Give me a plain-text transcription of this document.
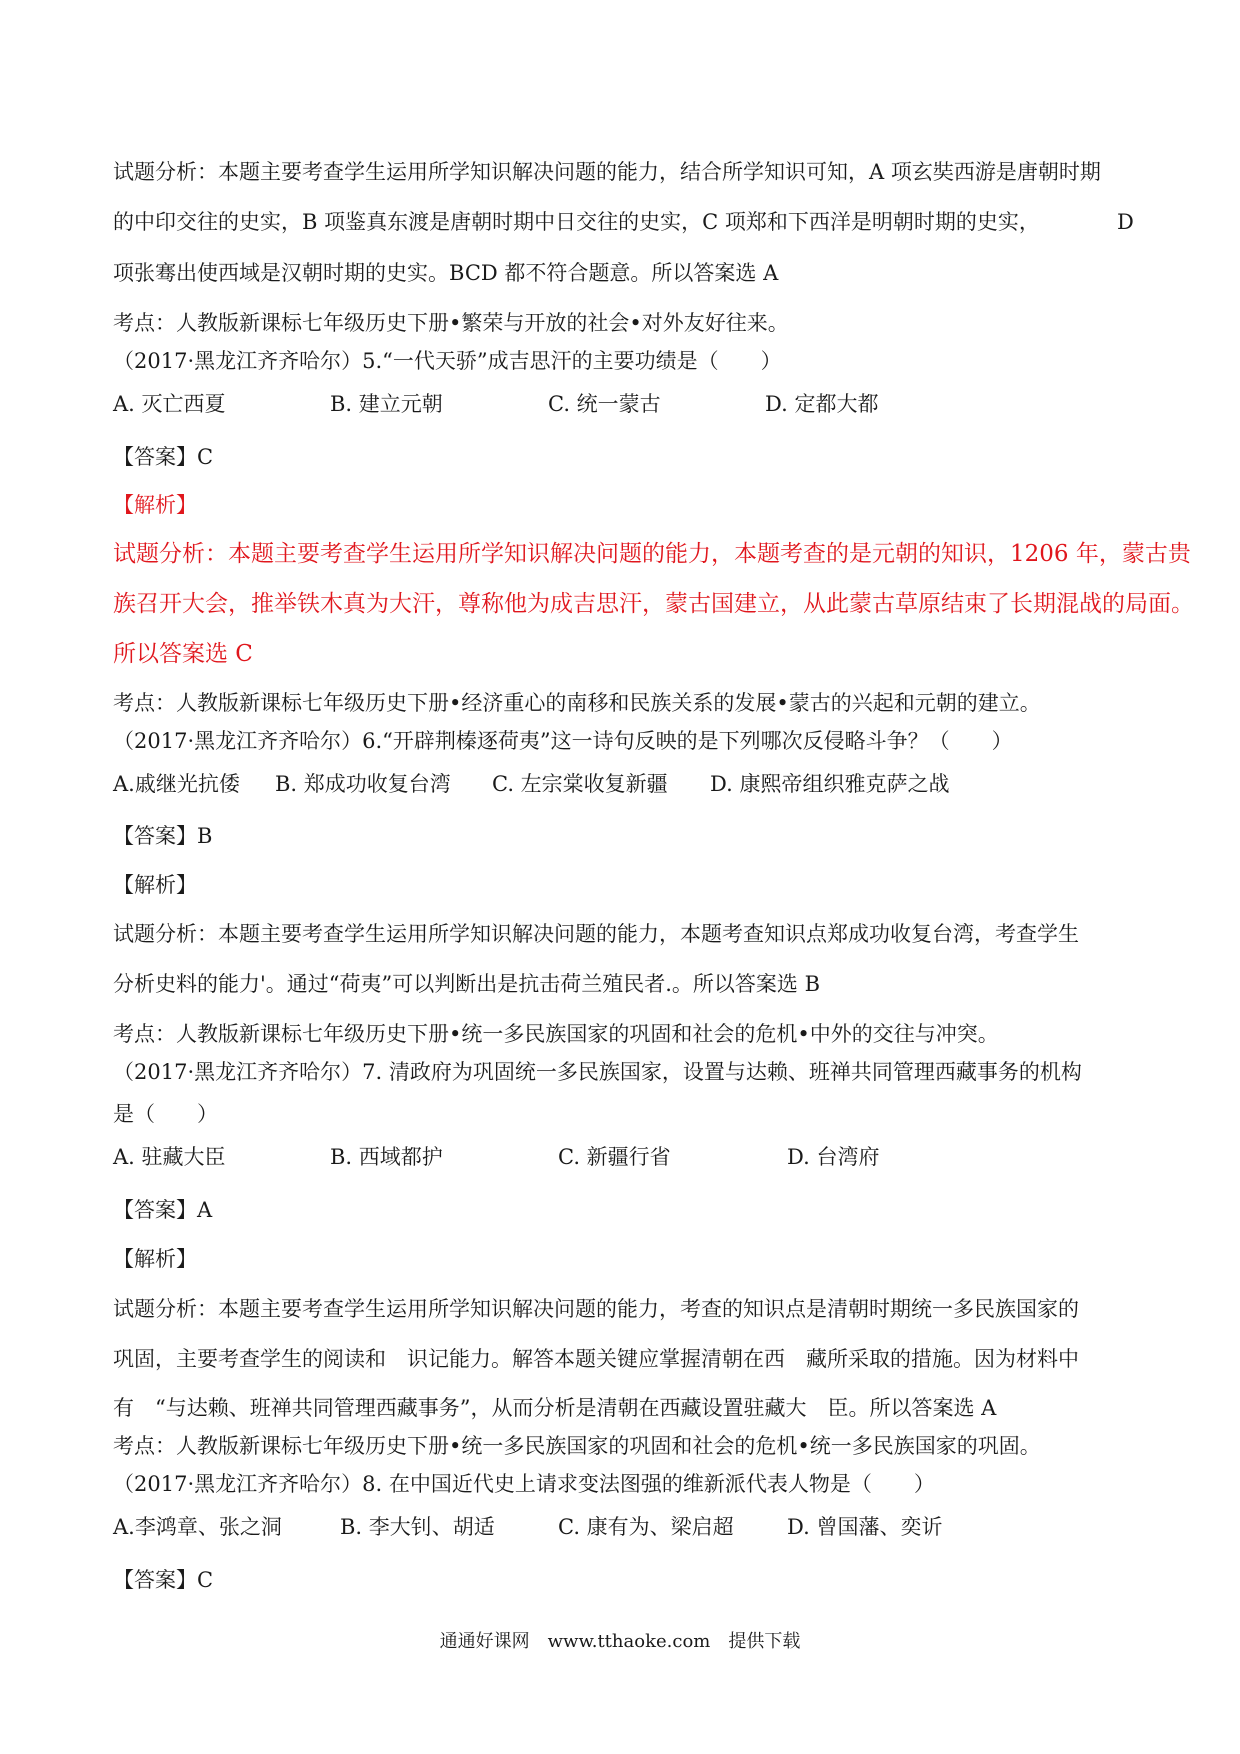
试题分析：本题主要考查学生运用所学知识解决问题的能力，结合所学知识可知，A 项玄奘西游是唐朝时期
的中印交往的史实，B 项鉴真东渡是唐朝时期中日交往的史实，C 项郑和下西洋是明朝时期的史实，	D
项张骞出使西域是汉朝时期的史实。BCD 都不符合题意。所以答案选 A
考点：人教版新课标七年级历史下册•繁荣与开放的社会•对外友好往来。
（2017·黑龙江齐齐哈尔）5.“一代天骄”成吉思汗的主要功绩是（　　）
A. 灭亡西夏	B. 建立元朝	C. 统一蒙古	D. 定都大都
【答案】C
【解析】
试题分析：本题主要考查学生运用所学知识解决问题的能力，本题考查的是元朝的知识，1206 年，蒙古贵
族召开大会，推举铁木真为大汗，尊称他为成吉思汗，蒙古国建立，从此蒙古草原结束了长期混战的局面。
所以答案选 C
考点：人教版新课标七年级历史下册•经济重心的南移和民族关系的发展•蒙古的兴起和元朝的建立。
（2017·黑龙江齐齐哈尔）6.“开辟荆榛逐荷夷”这一诗句反映的是下列哪次反侵略斗争？（　　）
A.戚继光抗倭 B. 郑成功收复台湾 C. 左宗棠收复新疆 D. 康熙帝组织雅克萨之战
【答案】B
【解析】
试题分析：本题主要考查学生运用所学知识解决问题的能力，本题考查知识点郑成功收复台湾，考查学生
分析史料的能力'。通过“荷夷”可以判断出是抗击荷兰殖民者.。所以答案选 B
考点：人教版新课标七年级历史下册•统一多民族国家的巩固和社会的危机•中外的交往与冲突。
（2017·黑龙江齐齐哈尔）7. 清政府为巩固统一多民族国家，设置与达赖、班禅共同管理西藏事务的机构
是（　　）
A. 驻藏大臣	B. 西域都护	C. 新疆行省	D. 台湾府
【答案】A
【解析】
试题分析：本题主要考查学生运用所学知识解决问题的能力，考查的知识点是清朝时期统一多民族国家的
巩固，主要考查学生的阅读和　识记能力。解答本题关键应掌握清朝在西　藏所采取的措施。因为材料中
有　“与达赖、班禅共同管理西藏事务”，从而分析是清朝在西藏设置驻藏大　臣。所以答案选 A
考点：人教版新课标七年级历史下册•统一多民族国家的巩固和社会的危机•统一多民族国家的巩固。
（2017·黑龙江齐齐哈尔）8. 在中国近代史上请求变法图强的维新派代表人物是（　　）
A.李鸿章、张之洞	B. 李大钊、胡适	C. 康有为、梁启超	D. 曾国藩、奕䜣
【答案】C
通通好课网　www.tthaoke.com　提供下载
